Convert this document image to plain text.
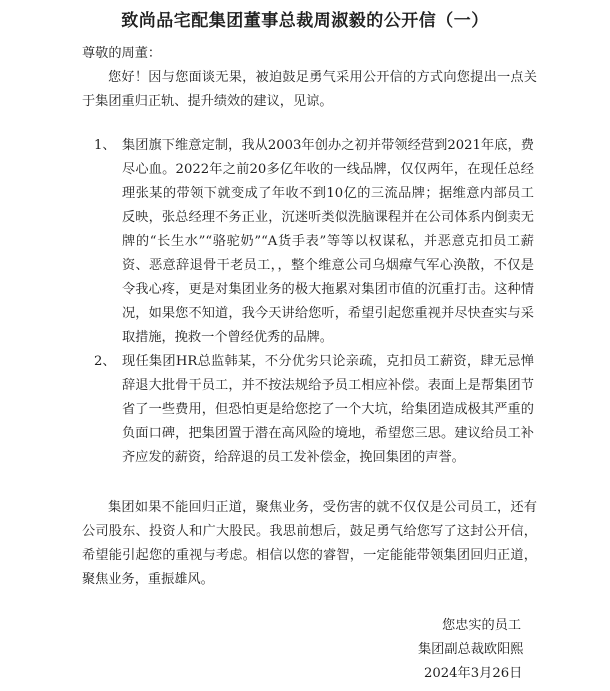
致尚品宅配集团董事总裁周淑毅的公开信（一）
尊敬的周董：

您好！因与您面谈无果，被迫鼓足勇气采用公开信的方式向您提出一点关于集团重归正轨、提升绩效的建议，见谅。

1、 集团旗下维意定制，我从2003年创办之初并带领经营到2021年底，费尽心血。2022年之前20多亿年收的一线品牌，仅仅两年，在现任总经理张某的带领下就变成了年收不到10亿的三流品牌；据维意内部员工反映，张总经理不务正业，沉迷听类似洗脑课程并在公司体系内倒卖无牌的“长生水”“骆驼奶”“A货手表”等等以权谋私，并恶意克扣员工薪资、恶意辞退骨干老员工，，整个维意公司乌烟瘴气军心涣散，不仅是令我心疼，更是对集团业务的极大拖累对集团市值的沉重打击。这种情况，如果您不知道，我今天讲给您听，希望引起您重视并尽快查实与采取措施，挽救一个曾经优秀的品牌。

2、 现任集团HR总监韩某，不分优劣只论亲疏，克扣员工薪资，肆无忌惮辞退大批骨干员工，并不按法规给予员工相应补偿。表面上是帮集团节省了一些费用，但恐怕更是给您挖了一个大坑，给集团造成极其严重的负面口碑，把集团置于潜在高风险的境地，希望您三思。建议给员工补齐应发的薪资，给辞退的员工发补偿金，挽回集团的声誉。

集团如果不能回归正道，聚焦业务，受伤害的就不仅仅是公司员工，还有公司股东、投资人和广大股民。我思前想后，鼓足勇气给您写了这封公开信，希望能引起您的重视与考虑。相信以您的睿智，一定能能带领集团回归正道，聚焦业务，重振雄风。

您忠实的员工
集团副总裁欧阳熙
2024年3月26日
